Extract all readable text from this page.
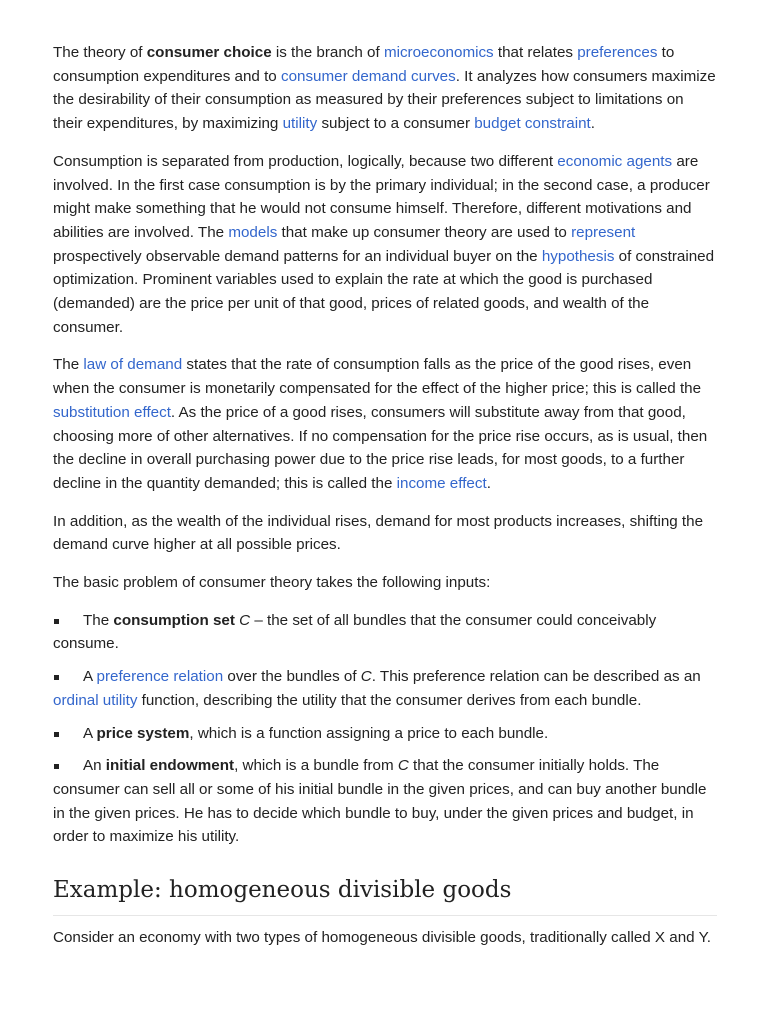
The theory of consumer choice is the branch of microeconomics that relates preferences to consumption expenditures and to consumer demand curves. It analyzes how consumers maximize the desirability of their consumption as measured by their preferences subject to limitations on their expenditures, by maximizing utility subject to a consumer budget constraint.

Consumption is separated from production, logically, because two different economic agents are involved. In the first case consumption is by the primary individual; in the second case, a producer might make something that he would not consume himself. Therefore, different motivations and abilities are involved. The models that make up consumer theory are used to represent prospectively observable demand patterns for an individual buyer on the hypothesis of constrained optimization. Prominent variables used to explain the rate at which the good is purchased (demanded) are the price per unit of that good, prices of related goods, and wealth of the consumer.

The law of demand states that the rate of consumption falls as the price of the good rises, even when the consumer is monetarily compensated for the effect of the higher price; this is called the substitution effect. As the price of a good rises, consumers will substitute away from that good, choosing more of other alternatives. If no compensation for the price rise occurs, as is usual, then the decline in overall purchasing power due to the price rise leads, for most goods, to a further decline in the quantity demanded; this is called the income effect.

In addition, as the wealth of the individual rises, demand for most products increases, shifting the demand curve higher at all possible prices.

The basic problem of consumer theory takes the following inputs:

The consumption set C – the set of all bundles that the consumer could conceivably consume.
A preference relation over the bundles of C. This preference relation can be described as an ordinal utility function, describing the utility that the consumer derives from each bundle.
A price system, which is a function assigning a price to each bundle.
An initial endowment, which is a bundle from C that the consumer initially holds. The consumer can sell all or some of his initial bundle in the given prices, and can buy another bundle in the given prices. He has to decide which bundle to buy, under the given prices and budget, in order to maximize his utility.
Example: homogeneous divisible goods

Consider an economy with two types of homogeneous divisible goods, traditionally called X and Y.
